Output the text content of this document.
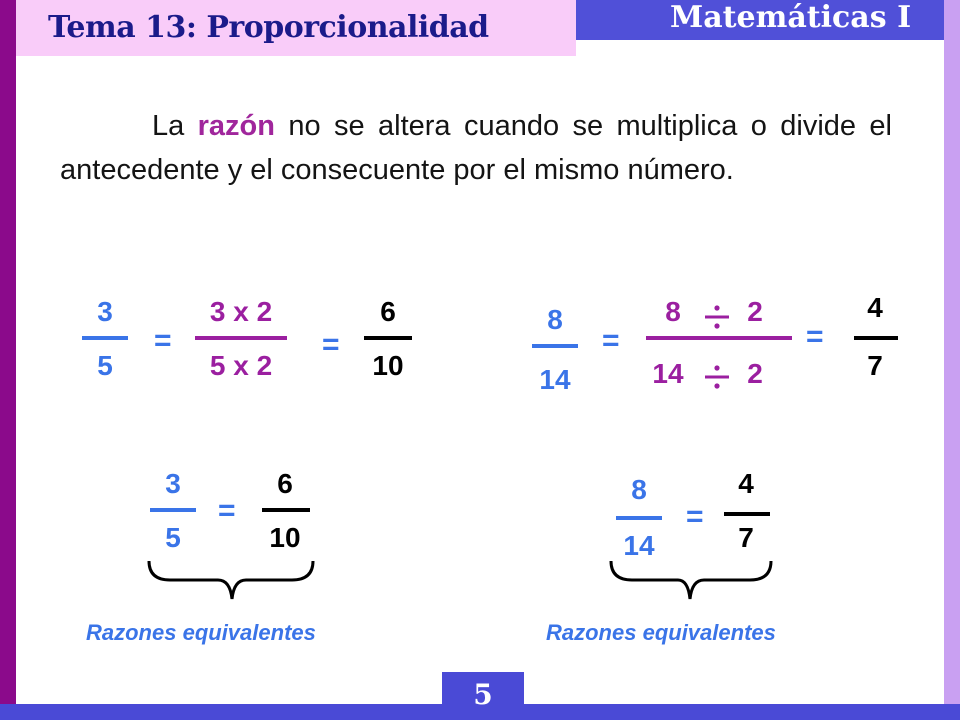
Tema 13: Proporcionalidad	Matemáticas I
La razón no se altera cuando se multiplica o divide el antecedente y el consecuente por el mismo número.
3
5
=
3 x 2
5 x 2
=
6
10
8
14
=
8 2
14 2
=
4
7
3
5
=
6
10
Razones equivalentes
8
14
=
4
7
Razones equivalentes
5
